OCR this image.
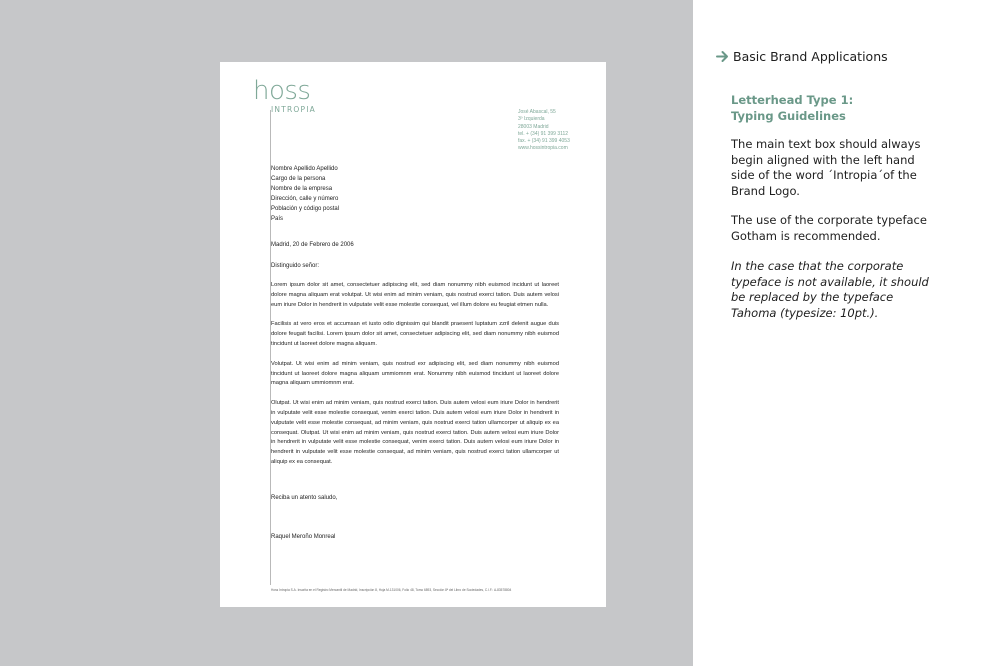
hoss
INTROPIA	José Abascal, 55
3º Izquierda
28003 Madrid
tel. + (34) 91 399 3112
fax. + (34) 91 399 4053
www.hossintropia.com
Nombre Apellido Apellido
Cargo de la persona
Nombre de la empresa
Dirección, calle y número
Población y código postal
País
Madrid, 20 de Febrero de 2006
Distinguido señor:

Lorem ipsum dolor sit amet, consectetuer adipiscing elit, sed diam nonummy nibh euismod incidunt ut laoreet dolore magna aliquam erat volutpat. Ut wisi enim ad minim veniam, quis nostrud exerci tation. Duis autem velosi eum iriure Dolor in hendrerit in vulputate velit esse molestie consequat, vel illum dolore eu feugiat etmen nulla.

Facilisis at vero eros et accumsan et iusto odio dignissim qui blandit praesent luptatum zzril delenit augue duis dolore feugait facilisi. Lorem ipsum dolor sit amet, consectetuer adipiscing elit, sed diam nonummy nibh euismod tincidunt ut laoreet dolore magna aliquam.

Volutpat. Ut wisi enim ad minim veniam, quis nostrud exr adipiscing elit, sed diam nonummy nibh euismod tincidunt ut laoreet dolore magna aliquam ummiomnm erat. Nonummy nibh euismod tincidunt ut laoreet dolore magna aliquam ummiomnm erat.

Olutpat. Ut wisi enim ad minim veniam, quis nostrud exerci tation. Duis autem velosi eum iriure Dolor in hendrerit in vulputate velit esse molestie consequat, venim exerci tation. Duis autem velosi eum iriure Dolor in hendrerit in vulputate velit esse molestie consequat, ad minim veniam, quis nostrud exerci tation ullamcorper ut aliquip ex ea consequat. Olutpat. Ut wisi enim ad minim veniam, quis nostrud exerci tation. Duis autem velosi eum iriure Dolor in hendrerit in vulputate velit esse molestie consequat, venim exerci tation. Duis autem velosi eum iriure Dolor in hendrerit in vulputate velit esse molestie consequat, ad minim veniam, quis nostrud exerci tation ullamcorper ut aliquip ex ea consequat.

Reciba un atento saludo,
Raquel Meroño Monreal
Hoss Intropia S.A. Inscrita en el Registro Mercantil de Madrid, Inscripción 8, Hoja M-131006, Folio 48, Tomo 6893, Sección 8ª del Libro de Sociedades, C.I.F.: A-83578804
Basic Brand Applications
Letterhead Type 1:
Typing Guidelines
The main text box should always
begin aligned with the left hand
side of the word ´Intropia´of the
Brand Logo.
The use of the corporate typeface
Gotham is recommended.
In the case that the corporate
typeface is not available, it should
be replaced by the typeface
Tahoma (typesize: 10pt.).
